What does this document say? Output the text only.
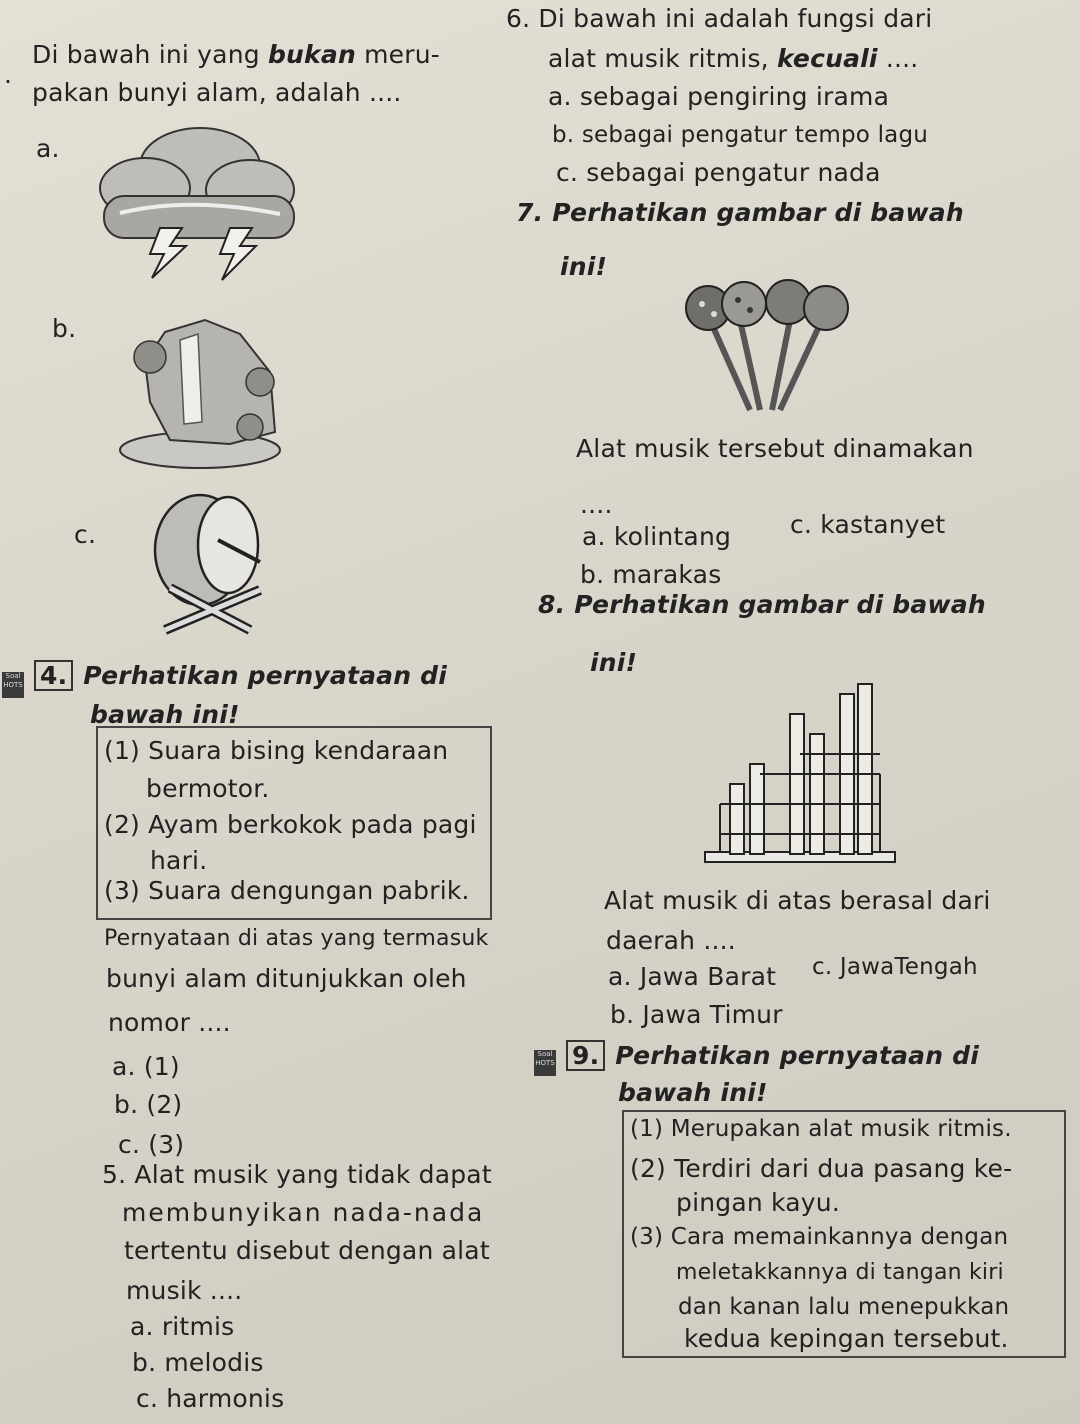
.
Di bawah ini yang bukan meru-
pakan bunyi alam, adalah ....
a.
b.
c.
Soal HOTS 4. Perhatikan pernyataan di
bawah ini!
(1) Suara bising kendaraan
bermotor.
(2) Ayam berkokok pada pagi
hari.
(3) Suara dengungan pabrik.
Pernyataan di atas yang termasuk
bunyi alam ditunjukkan oleh
nomor ....
a. (1)
b. (2)
c. (3)
5. Alat musik yang tidak dapat
membunyikan nada-nada
tertentu disebut dengan alat
musik ....
a. ritmis
b. melodis
c. harmonis
6. Di bawah ini adalah fungsi dari
alat musik ritmis, kecuali ....
a. sebagai pengiring irama
b. sebagai pengatur tempo lagu
c. sebagai pengatur nada
7. Perhatikan gambar di bawah
ini!
Alat musik tersebut dinamakan
....
a. kolintang c. kastanyet
b. marakas
8. Perhatikan gambar di bawah
ini!
Alat musik di atas berasal dari
daerah ....
a. Jawa Barat c. JawaTengah
b. Jawa Timur
Soal HOTS 9. Perhatikan pernyataan di
bawah ini!
(1) Merupakan alat musik ritmis.
(2) Terdiri dari dua pasang ke-
pingan kayu.
(3) Cara memainkannya dengan
meletakkannya di tangan kiri
dan kanan lalu menepukkan
kedua kepingan tersebut.
